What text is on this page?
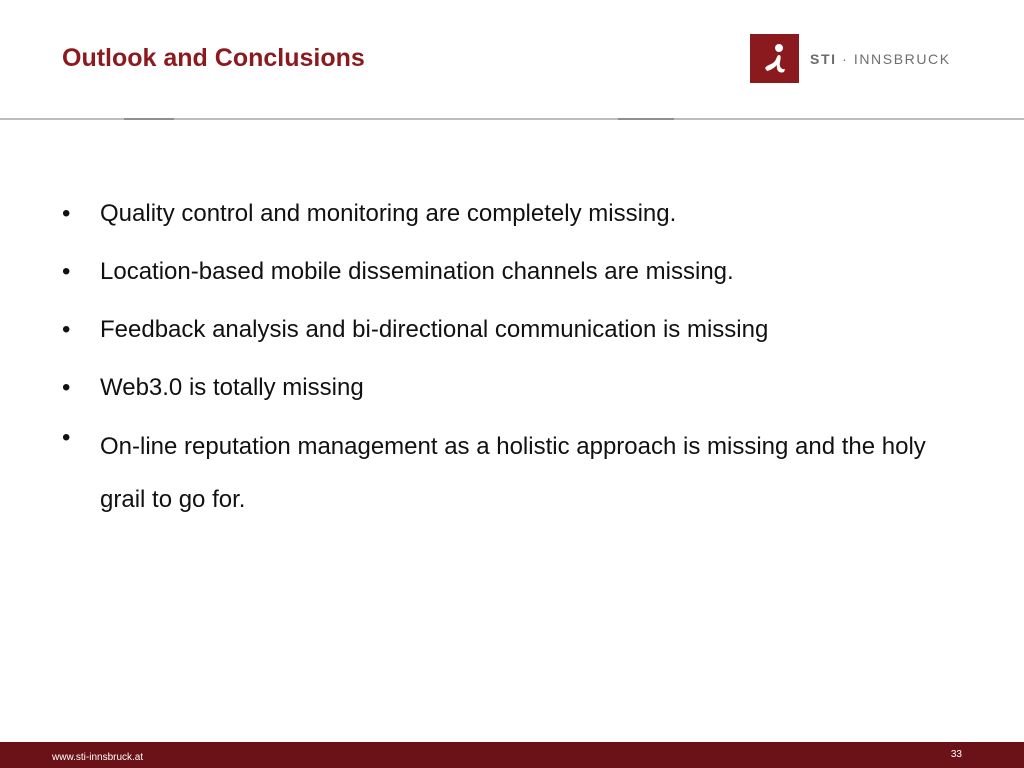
Outlook and Conclusions	STI · INNSBRUCK
• Quality control and monitoring are completely missing.
• Location-based mobile dissemination channels are missing.
• Feedback analysis and bi-directional communication is missing
• Web3.0 is totally missing
• On-line reputation management as a holistic approach is missing and the holy grail to go for.
www.sti-innsbruck.at	33
